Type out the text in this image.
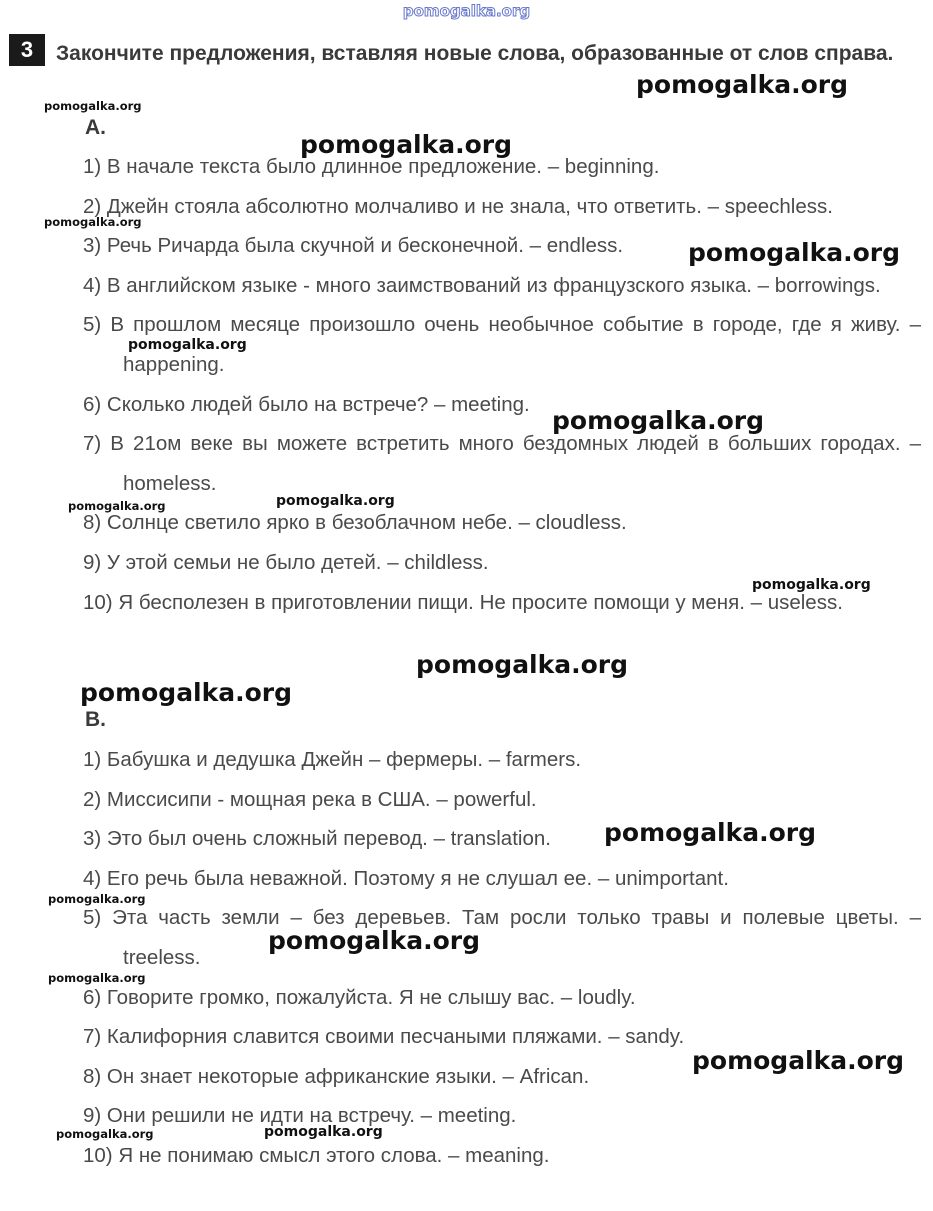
pomogalka.org
3	Закончите предложения, вставляя новые слова, образованные от слов справа.
A.
1) В начале текста было длинное предложение. – beginning.
2) Джейн стояла абсолютно молчаливо и не знала, что ответить. – speechless.
3) Речь Ричарда была скучной и бесконечной. – endless.
4) В английском языке - много заимствований из французского языка. – borrowings.
5) В прошлом месяце произошло очень необычное событие в городе, где я живу. – happening.
6) Сколько людей было на встрече? – meeting.
7) В 21ом веке вы можете встретить много бездомных людей в больших городах. – homeless.
8) Солнце светило ярко в безоблачном небе. – cloudless.
9) У этой семьи не было детей. – childless.
10) Я бесполезен в приготовлении пищи. Не просите помощи у меня. – useless.
B.
1) Бабушка и дедушка Джейн – фермеры. – farmers.
2) Миссисипи - мощная река в США. – powerful.
3) Это был очень сложный перевод. – translation.
4) Его речь была неважной. Поэтому я не слушал ее. – unimportant.
5) Эта часть земли – без деревьев. Там росли только травы и полевые цветы. – treeless.
6) Говорите громко, пожалуйста. Я не слышу вас. – loudly.
7) Калифорния славится своими песчаными пляжами. – sandy.
8) Он знает некоторые африканские языки. – African.
9) Они решили не идти на встречу. – meeting.
10) Я не понимаю смысл этого слова. – meaning.
pomogalka.org
pomogalka.org
pomogalka.org
pomogalka.org
pomogalka.org
pomogalka.org
pomogalka.org
pomogalka.org
pomogalka.org
pomogalka.org
pomogalka.org
pomogalka.org
pomogalka.org
pomogalka.org
pomogalka.org
pomogalka.org
pomogalka.org
pomogalka.org	pomogalka.org
